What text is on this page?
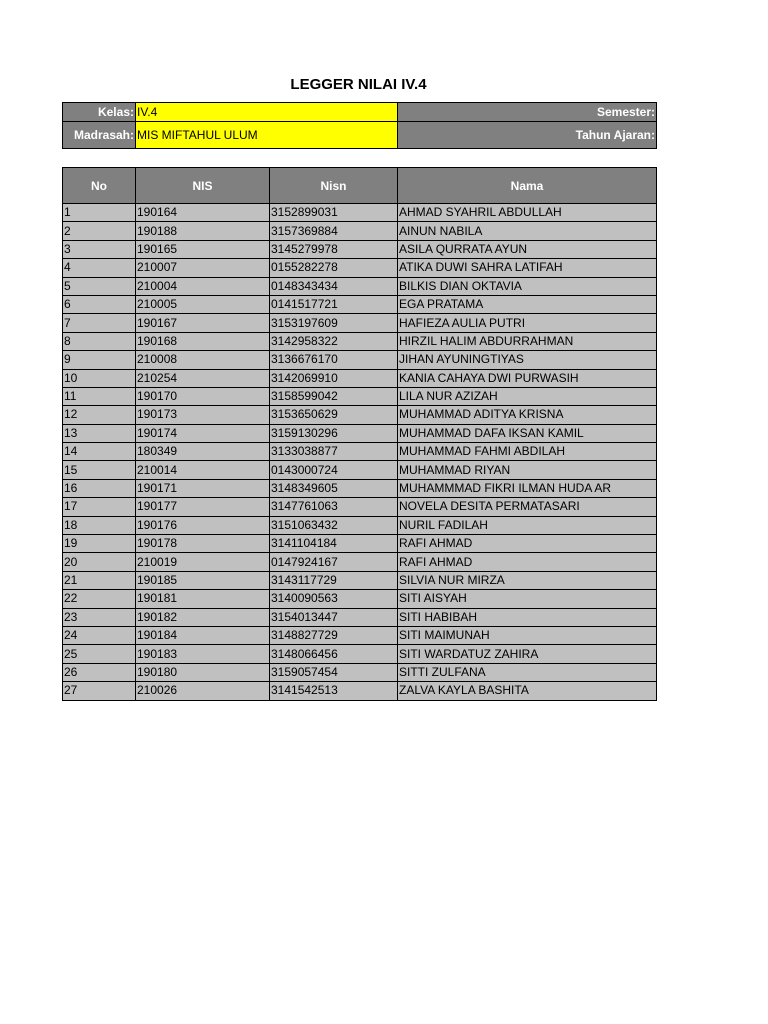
LEGGER NILAI IV.4
Kelas:	IV.4	Semester:
Madrasah:	MIS MIFTAHUL ULUM	Tahun Ajaran:
No	NIS	Nisn	Nama
1	190164	3152899031	AHMAD SYAHRIL ABDULLAH
2	190188	3157369884	AINUN NABILA
3	190165	3145279978	ASILA QURRATA AYUN
4	210007	0155282278	ATIKA DUWI SAHRA LATIFAH
5	210004	0148343434	BILKIS DIAN OKTAVIA
6	210005	0141517721	EGA PRATAMA
7	190167	3153197609	HAFIEZA AULIA PUTRI
8	190168	3142958322	HIRZIL HALIM ABDURRAHMAN
9	210008	3136676170	JIHAN AYUNINGTIYAS
10	210254	3142069910	KANIA CAHAYA DWI PURWASIH
11	190170	3158599042	LILA NUR AZIZAH
12	190173	3153650629	MUHAMMAD ADITYA KRISNA
13	190174	3159130296	MUHAMMAD DAFA IKSAN KAMIL
14	180349	3133038877	MUHAMMAD FAHMI ABDILAH
15	210014	0143000724	MUHAMMAD RIYAN
16	190171	3148349605	MUHAMMMAD FIKRI ILMAN HUDA AR
17	190177	3147761063	NOVELA DESITA PERMATASARI
18	190176	3151063432	NURIL FADILAH
19	190178	3141104184	RAFI AHMAD
20	210019	0147924167	RAFI AHMAD
21	190185	3143117729	SILVIA NUR MIRZA
22	190181	3140090563	SITI AISYAH
23	190182	3154013447	SITI HABIBAH
24	190184	3148827729	SITI MAIMUNAH
25	190183	3148066456	SITI WARDATUZ ZAHIRA
26	190180	3159057454	SITTI ZULFANA
27	210026	3141542513	ZALVA KAYLA BASHITA
